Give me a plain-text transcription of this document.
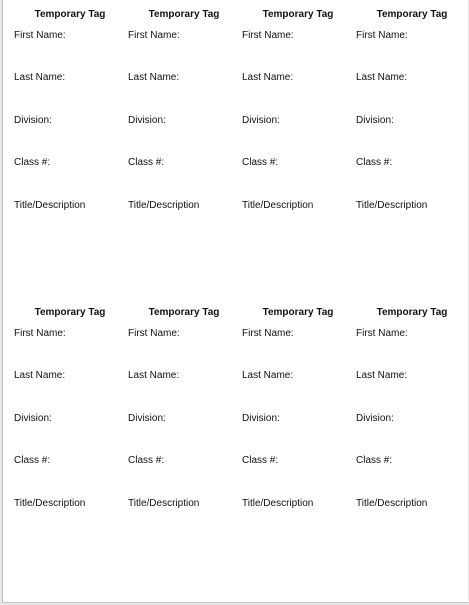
Temporary Tag
First Name:
Last Name:
Division:
Class #:
Title/Description
Temporary Tag
First Name:
Last Name:
Division:
Class #:
Title/Description
Temporary Tag
First Name:
Last Name:
Division:
Class #:
Title/Description
Temporary Tag
First Name:
Last Name:
Division:
Class #:
Title/Description
Temporary Tag
First Name:
Last Name:
Division:
Class #:
Title/Description
Temporary Tag
First Name:
Last Name:
Division:
Class #:
Title/Description
Temporary Tag
First Name:
Last Name:
Division:
Class #:
Title/Description
Temporary Tag
First Name:
Last Name:
Division:
Class #:
Title/Description
